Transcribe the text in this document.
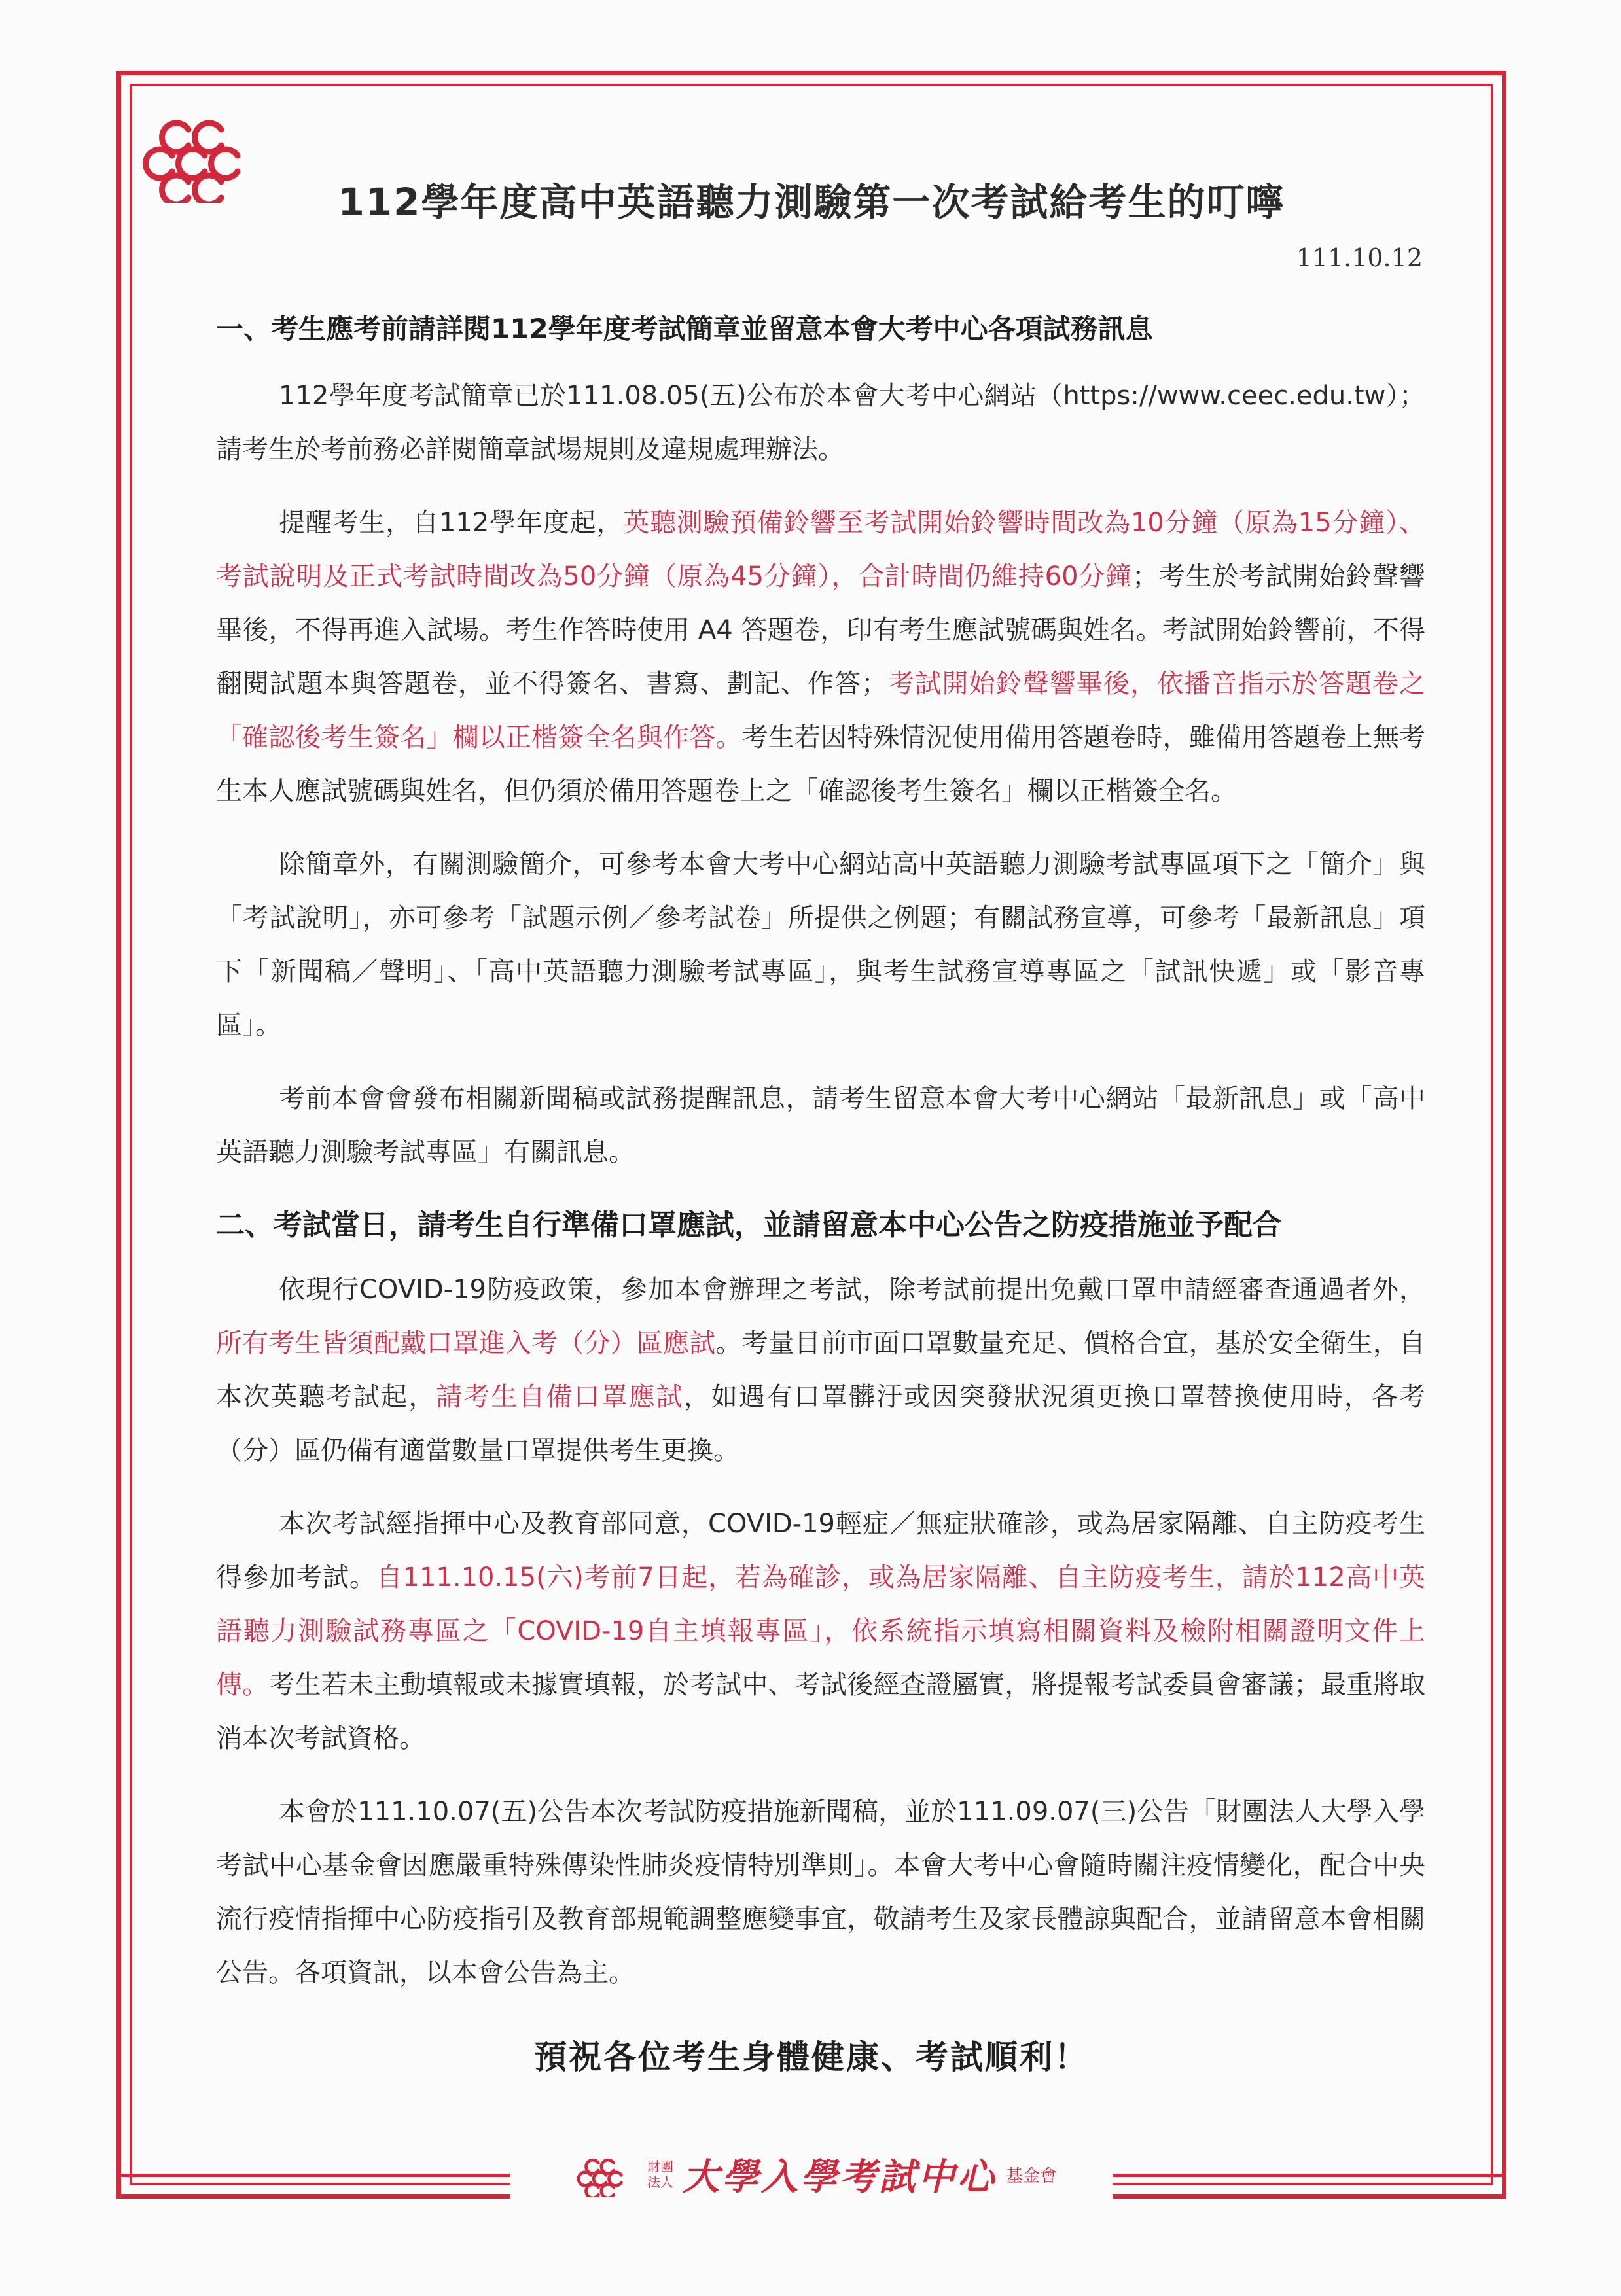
112學年度高中英語聽力測驗第一次考試給考生的叮嚀
111.10.12

一、考生應考前請詳閱112學年度考試簡章並留意本會大考中心各項試務訊息

112學年度考試簡章已於111.08.05(五)公布於本會大考中心網站（https://www.ceec.edu.tw）；請考生於考前務必詳閱簡章試場規則及違規處理辦法。

提醒考生，自112學年度起，英聽測驗預備鈴響至考試開始鈴響時間改為10分鐘（原為15分鐘）、考試說明及正式考試時間改為50分鐘（原為45分鐘），合計時間仍維持60分鐘；考生於考試開始鈴聲響畢後，不得再進入試場。考生作答時使用 A4 答題卷，印有考生應試號碼與姓名。考試開始鈴響前，不得翻閱試題本與答題卷，並不得簽名、書寫、劃記、作答；考試開始鈴聲響畢後，依播音指示於答題卷之「確認後考生簽名」欄以正楷簽全名與作答。考生若因特殊情況使用備用答題卷時，雖備用答題卷上無考生本人應試號碼與姓名，但仍須於備用答題卷上之「確認後考生簽名」欄以正楷簽全名。

除簡章外，有關測驗簡介，可參考本會大考中心網站高中英語聽力測驗考試專區項下之「簡介」與「考試說明」，亦可參考「試題示例／參考試卷」所提供之例題；有關試務宣導，可參考「最新訊息」項下「新聞稿／聲明」、「高中英語聽力測驗考試專區」，與考生試務宣導專區之「試訊快遞」或「影音專區」。

考前本會會發布相關新聞稿或試務提醒訊息，請考生留意本會大考中心網站「最新訊息」或「高中英語聽力測驗考試專區」有關訊息。

二、考試當日，請考生自行準備口罩應試，並請留意本中心公告之防疫措施並予配合

依現行COVID-19防疫政策，參加本會辦理之考試，除考試前提出免戴口罩申請經審查通過者外，所有考生皆須配戴口罩進入考（分）區應試。考量目前市面口罩數量充足、價格合宜，基於安全衛生，自本次英聽考試起，請考生自備口罩應試，如遇有口罩髒汙或因突發狀況須更換口罩替換使用時，各考（分）區仍備有適當數量口罩提供考生更換。

本次考試經指揮中心及教育部同意，COVID-19輕症／無症狀確診，或為居家隔離、自主防疫考生得參加考試。自111.10.15(六)考前7日起，若為確診，或為居家隔離、自主防疫考生，請於112高中英語聽力測驗試務專區之「COVID-19自主填報專區」，依系統指示填寫相關資料及檢附相關證明文件上傳。考生若未主動填報或未據實填報，於考試中、考試後經查證屬實，將提報考試委員會審議；最重將取消本次考試資格。

本會於111.10.07(五)公告本次考試防疫措施新聞稿，並於111.09.07(三)公告「財團法人大學入學考試中心基金會因應嚴重特殊傳染性肺炎疫情特別準則」。本會大考中心會隨時關注疫情變化，配合中央流行疫情指揮中心防疫指引及教育部規範調整應變事宜，敬請考生及家長體諒與配合，並請留意本會相關公告。各項資訊，以本會公告為主。

預祝各位考生身體健康、考試順利！
財團
法人 大學入學考試中心 基金會
